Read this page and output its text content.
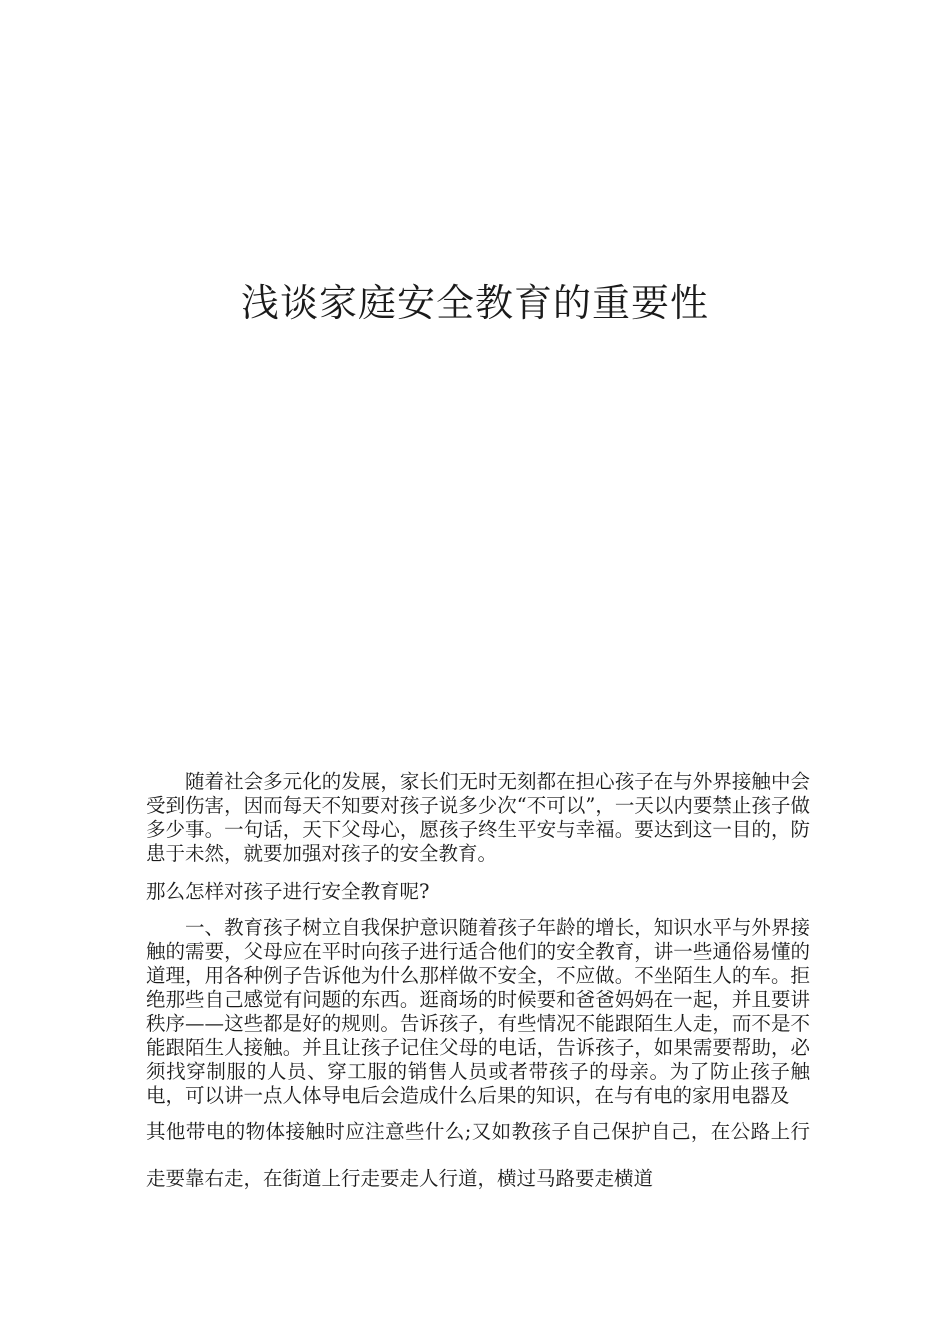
浅谈家庭安全教育的重要性

随着社会多元化的发展，家长们无时无刻都在担心孩子在与外界接触中会受到伤害，因而每天不知要对孩子说多少次“不可以”，一天以内要禁止孩子做多少事。一句话，天下父母心，愿孩子终生平安与幸福。要达到这一目的，防患于未然，就要加强对孩子的安全教育。

那么怎样对孩子进行安全教育呢?

一、教育孩子树立自我保护意识随着孩子年龄的增长，知识水平与外界接触的需要，父母应在平时向孩子进行适合他们的安全教育，讲一些通俗易懂的道理，用各种例子告诉他为什么那样做不安全，不应做。不坐陌生人的车。拒绝那些自己感觉有问题的东西。逛商场的时候要和爸爸妈妈在一起，并且要讲秩序——这些都是好的规则。告诉孩子，有些情况不能跟陌生人走，而不是不能跟陌生人接触。并且让孩子记住父母的电话，告诉孩子，如果需要帮助，必须找穿制服的人员、穿工服的销售人员或者带孩子的母亲。为了防止孩子触电，可以讲一点人体导电后会造成什么后果的知识，在与有电的家用电器及

其他带电的物体接触时应注意些什么;又如教孩子自己保护自己，在公路上行走要靠右走，在街道上行走要走人行道，横过马路要走横道
